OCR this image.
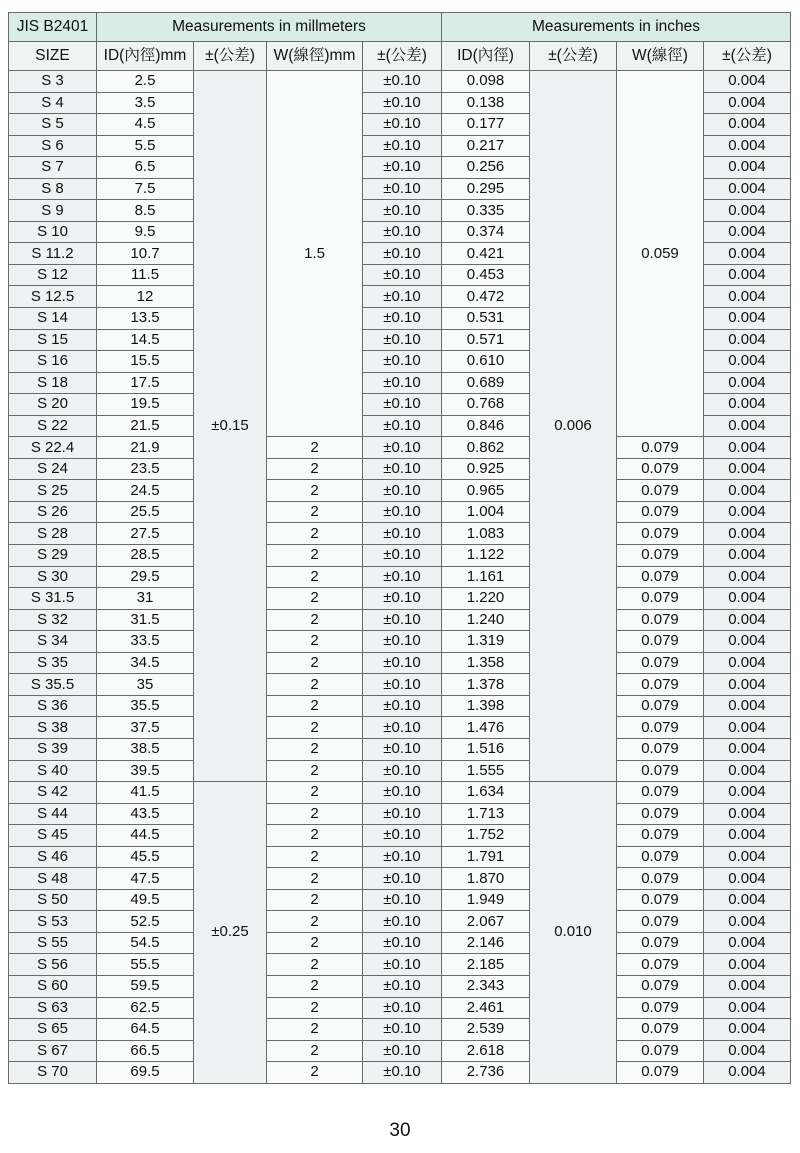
JIS B2401	Measurements in millmeters				Measurements in inches			
SIZE	ID(內徑)mm	±(公差)	W(線徑)mm	±(公差)	ID(內徑)	±(公差)	W(線徑)	±(公差)
S 3	2.5	±0.15	1.5	±0.10	0.098	0.006	0.059	0.004
S 4	3.5			±0.10	0.138			0.004
S 5	4.5			±0.10	0.177			0.004
S 6	5.5			±0.10	0.217			0.004
S 7	6.5			±0.10	0.256			0.004
S 8	7.5			±0.10	0.295			0.004
S 9	8.5			±0.10	0.335			0.004
S 10	9.5			±0.10	0.374			0.004
S 11.2	10.7			±0.10	0.421			0.004
S 12	11.5			±0.10	0.453			0.004
S 12.5	12			±0.10	0.472			0.004
S 14	13.5			±0.10	0.531			0.004
S 15	14.5			±0.10	0.571			0.004
S 16	15.5			±0.10	0.610			0.004
S 18	17.5			±0.10	0.689			0.004
S 20	19.5			±0.10	0.768			0.004
S 22	21.5			±0.10	0.846			0.004
S 22.4	21.9		2	±0.10	0.862		0.079	0.004
S 24	23.5		2	±0.10	0.925		0.079	0.004
S 25	24.5		2	±0.10	0.965		0.079	0.004
S 26	25.5		2	±0.10	1.004		0.079	0.004
S 28	27.5		2	±0.10	1.083		0.079	0.004
S 29	28.5		2	±0.10	1.122		0.079	0.004
S 30	29.5		2	±0.10	1.161		0.079	0.004
S 31.5	31		2	±0.10	1.220		0.079	0.004
S 32	31.5		2	±0.10	1.240		0.079	0.004
S 34	33.5		2	±0.10	1.319		0.079	0.004
S 35	34.5		2	±0.10	1.358		0.079	0.004
S 35.5	35		2	±0.10	1.378		0.079	0.004
S 36	35.5		2	±0.10	1.398		0.079	0.004
S 38	37.5		2	±0.10	1.476		0.079	0.004
S 39	38.5		2	±0.10	1.516		0.079	0.004
S 40	39.5		2	±0.10	1.555		0.079	0.004
S 42	41.5	±0.25	2	±0.10	1.634	0.010	0.079	0.004
S 44	43.5		2	±0.10	1.713		0.079	0.004
S 45	44.5		2	±0.10	1.752		0.079	0.004
S 46	45.5		2	±0.10	1.791		0.079	0.004
S 48	47.5		2	±0.10	1.870		0.079	0.004
S 50	49.5		2	±0.10	1.949		0.079	0.004
S 53	52.5		2	±0.10	2.067		0.079	0.004
S 55	54.5		2	±0.10	2.146		0.079	0.004
S 56	55.5		2	±0.10	2.185		0.079	0.004
S 60	59.5		2	±0.10	2.343		0.079	0.004
S 63	62.5		2	±0.10	2.461		0.079	0.004
S 65	64.5		2	±0.10	2.539		0.079	0.004
S 67	66.5		2	±0.10	2.618		0.079	0.004
S 70	69.5		2	±0.10	2.736		0.079	0.004
30
